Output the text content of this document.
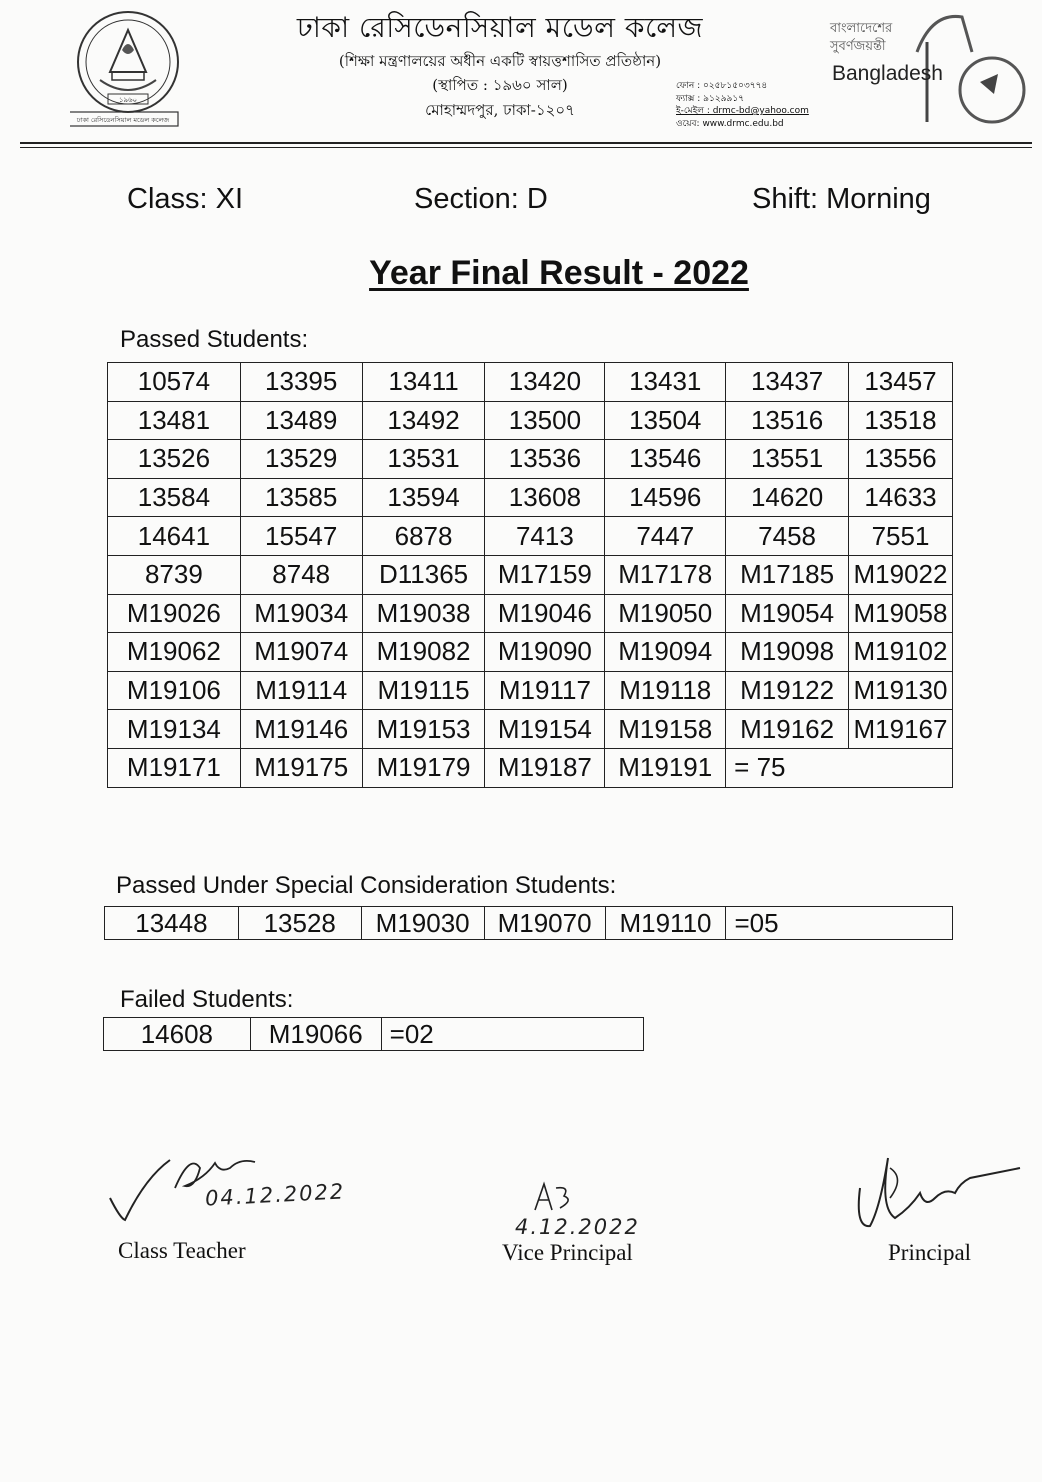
১৯৬০
ঢাকা রেসিডেনসিয়াল মডেল কলেজ
ঢাকা রেসিডেনসিয়াল মডেল কলেজ
(শিক্ষা মন্ত্রণালয়ের অধীন একটি স্বায়ত্তশাসিত প্রতিষ্ঠান)
(স্থাপিত : ১৯৬০ সাল)
মোহাম্মদপুর, ঢাকা-১২০৭
ফোন : ০২৫৮১৫০৩৭৭৪
ফ্যাক্স : ৯১২৯৯১৭
ই-মেইল : drmc-bd@yahoo.com
ওয়েব: www.drmc.edu.bd
বাংলাদেশের
সুবর্ণজয়ন্তী
Bangladesh
Class: XI	Section: D	Shift: Morning
Year Final Result - 2022
Passed Students:
10574	13395	13411	13420	13431	13437	13457
13481	13489	13492	13500	13504	13516	13518
13526	13529	13531	13536	13546	13551	13556
13584	13585	13594	13608	14596	14620	14633
14641	15547	6878	7413	7447	7458	7551
8739	8748	D11365	M17159	M17178	M17185	M19022
M19026	M19034	M19038	M19046	M19050	M19054	M19058
M19062	M19074	M19082	M19090	M19094	M19098	M19102
M19106	M19114	M19115	M19117	M19118	M19122	M19130
M19134	M19146	M19153	M19154	M19158	M19162	M19167
M19171	M19175	M19179	M19187	M19191	= 75	
Passed Under Special Consideration Students:
13448	13528	M19030	M19070	M19110	=05
Failed Students:
14608	M19066	=02
04.12.2022
Class Teacher
4.12.2022
Vice Principal	Principal
